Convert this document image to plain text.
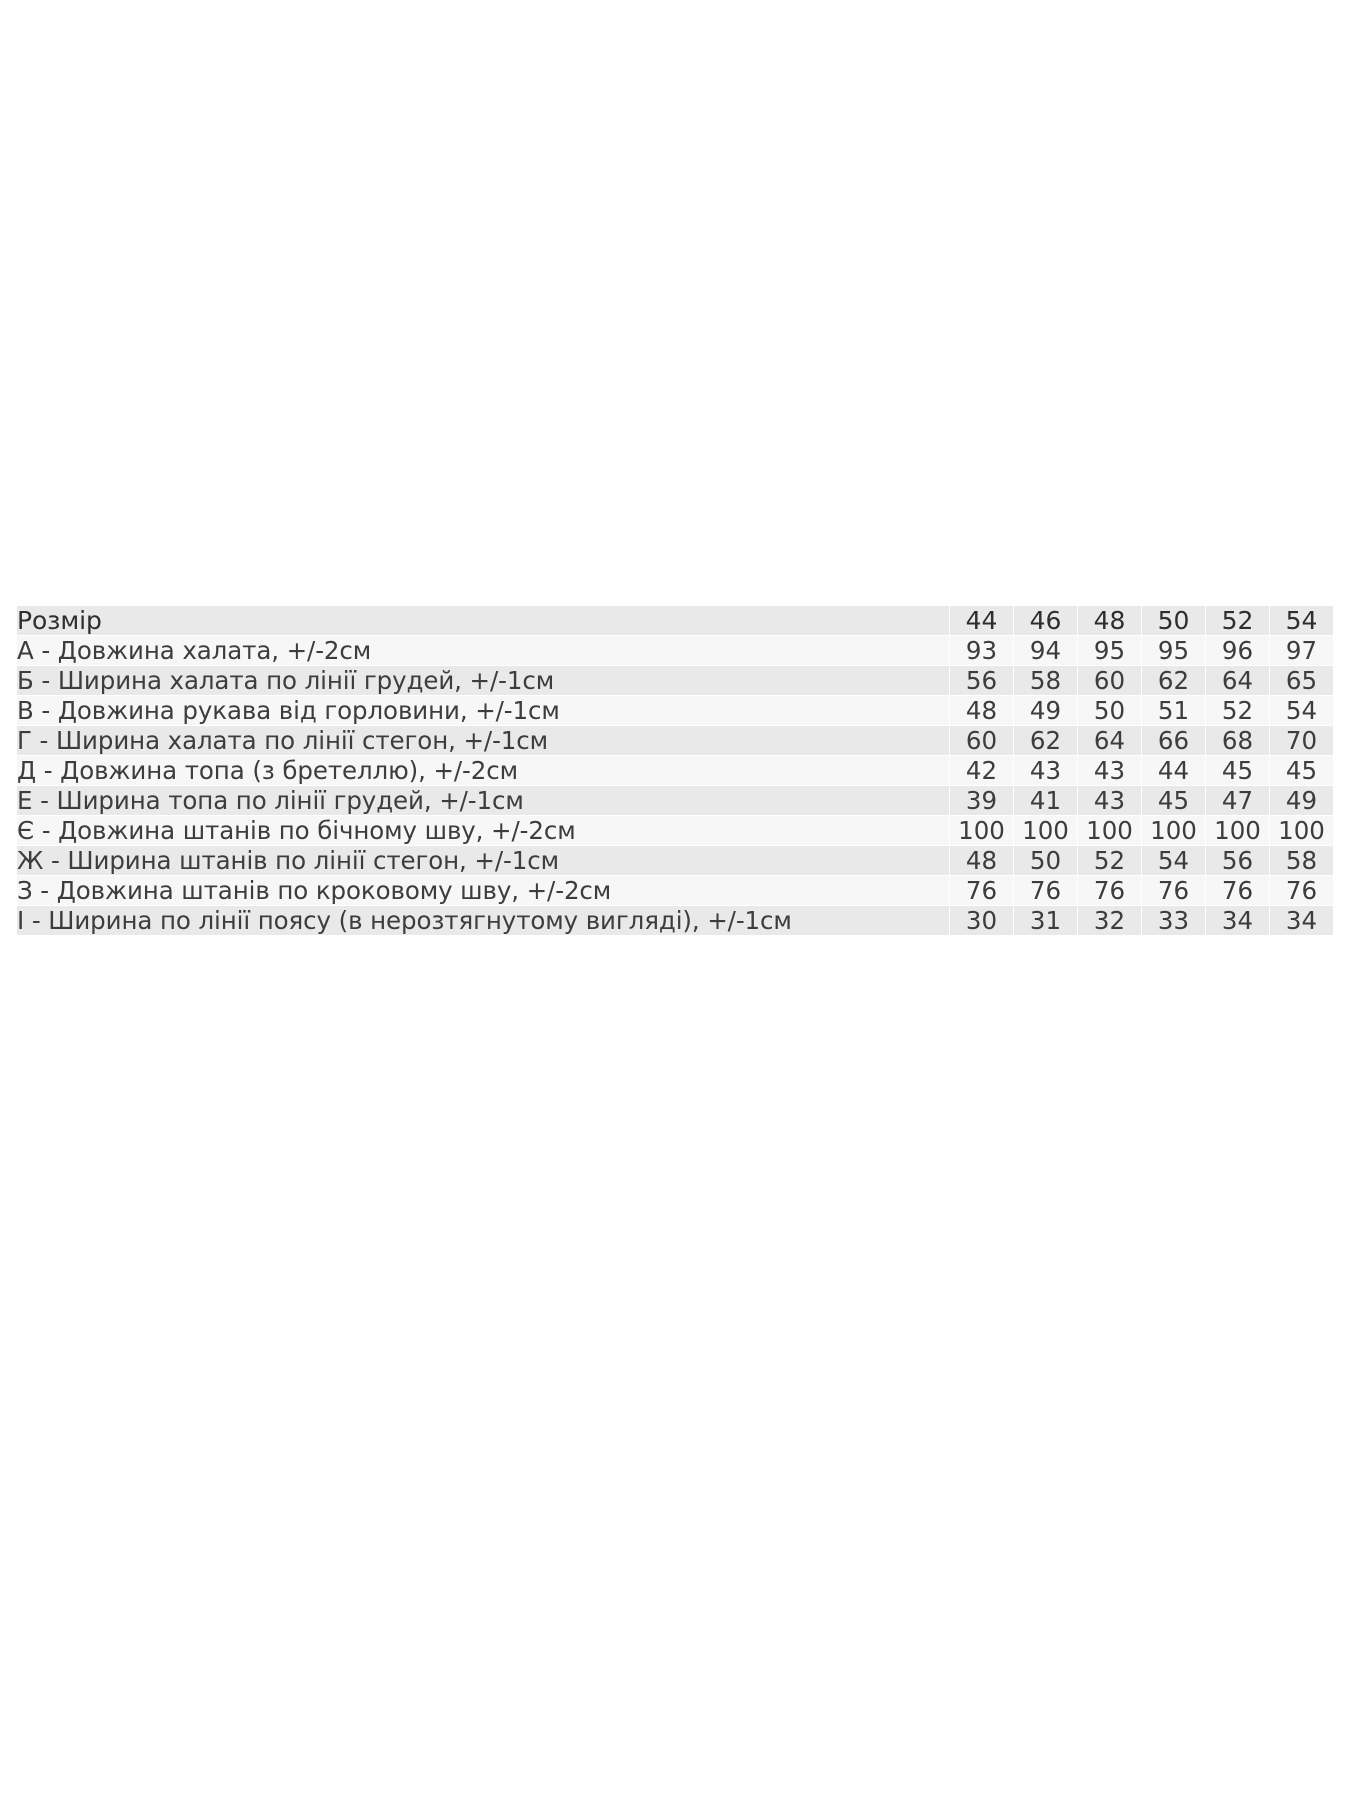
Розмір	44	46	48	50	52	54
А - Довжина халата, +/-2см	93	94	95	95	96	97
Б - Ширина халата по лінії грудей, +/-1см	56	58	60	62	64	65
В - Довжина рукава від горловини, +/-1см	48	49	50	51	52	54
Г - Ширина халата по лінії стегон, +/-1см	60	62	64	66	68	70
Д - Довжина топа (з бретеллю), +/-2см	42	43	43	44	45	45
Е - Ширина топа по лінії грудей, +/-1см	39	41	43	45	47	49
Є - Довжина штанів по бічному шву, +/-2см	100	100	100	100	100	100
Ж - Ширина штанів по лінії стегон, +/-1см	48	50	52	54	56	58
З - Довжина штанів по кроковому шву, +/-2см	76	76	76	76	76	76
І - Ширина по лінії поясу (в нерозтягнутому вигляді), +/-1см	30	31	32	33	34	34
